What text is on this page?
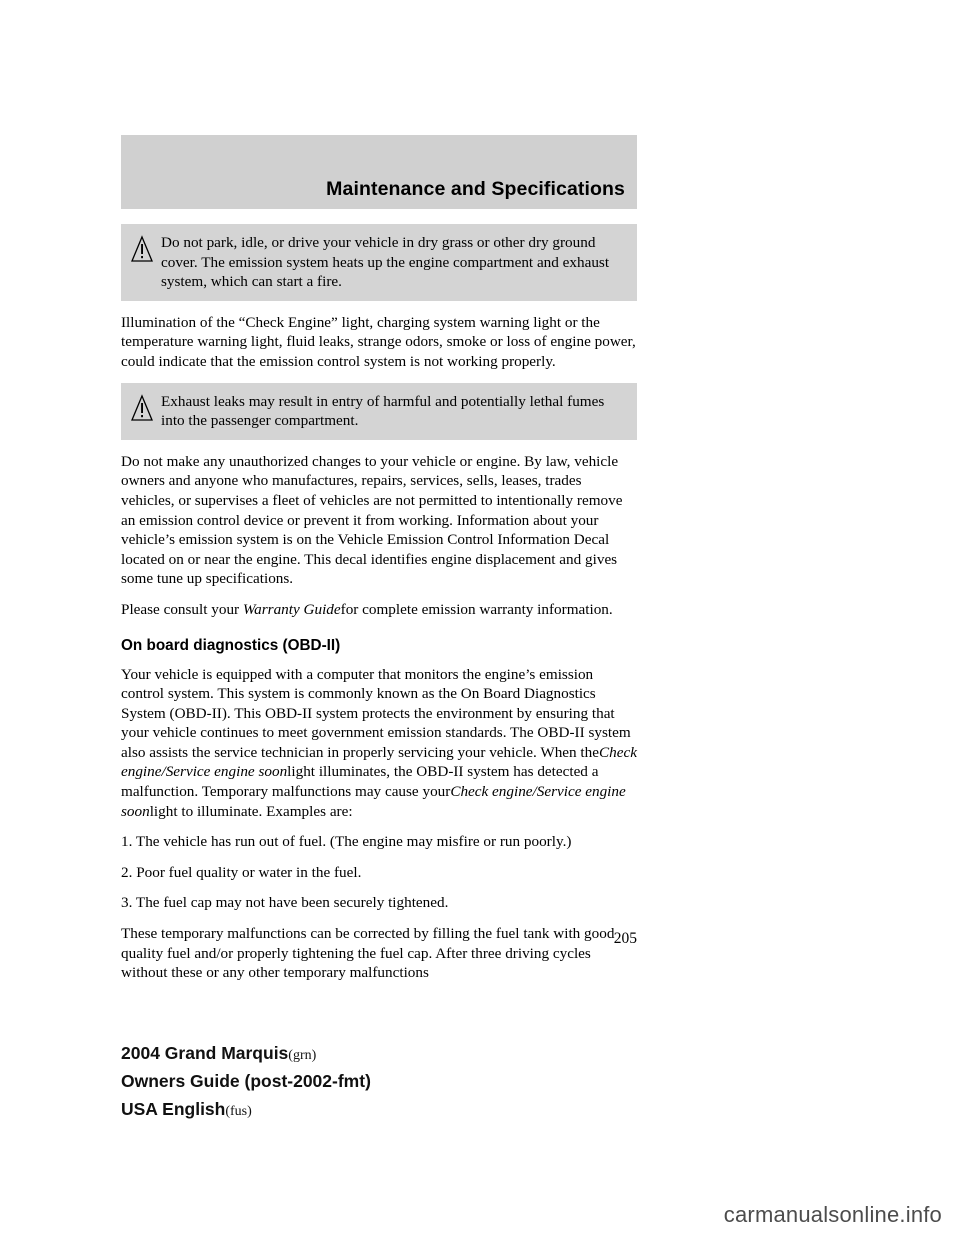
Maintenance and Specifications
Do not park, idle, or drive your vehicle in dry grass or other dry ground cover. The emission system heats up the engine compartment and exhaust system, which can start a fire.

Illumination of the “Check Engine” light, charging system warning light or the temperature warning light, fluid leaks, strange odors, smoke or loss of engine power, could indicate that the emission control system is not working properly.

Exhaust leaks may result in entry of harmful and potentially lethal fumes into the passenger compartment.

Do not make any unauthorized changes to your vehicle or engine. By law, vehicle owners and anyone who manufactures, repairs, services, sells, leases, trades vehicles, or supervises a fleet of vehicles are not permitted to intentionally remove an emission control device or prevent it from working. Information about your vehicle’s emission system is on the Vehicle Emission Control Information Decal located on or near the engine. This decal identifies engine displacement and gives some tune up specifications.

Please consult your Warranty Guidefor complete emission warranty information.

On board diagnostics (OBD-II)

Your vehicle is equipped with a computer that monitors the engine’s emission control system. This system is commonly known as the On Board Diagnostics System (OBD-II). This OBD-II system protects the environment by ensuring that your vehicle continues to meet government emission standards. The OBD-II system also assists the service technician in properly servicing your vehicle. When theCheck engine/Service engine soonlight illuminates, the OBD-II system has detected a malfunction. Temporary malfunctions may cause yourCheck engine/Service engine soonlight to illuminate. Examples are:

1. The vehicle has run out of fuel. (The engine may misfire or run poorly.)

2. Poor fuel quality or water in the fuel.

3. The fuel cap may not have been securely tightened.

These temporary malfunctions can be corrected by filling the fuel tank with good quality fuel and/or properly tightening the fuel cap. After three driving cycles without these or any other temporary malfunctions

205
2004 Grand Marquis(grn)
Owners Guide (post-2002-fmt)
USA English(fus)
carmanualsonline.info
